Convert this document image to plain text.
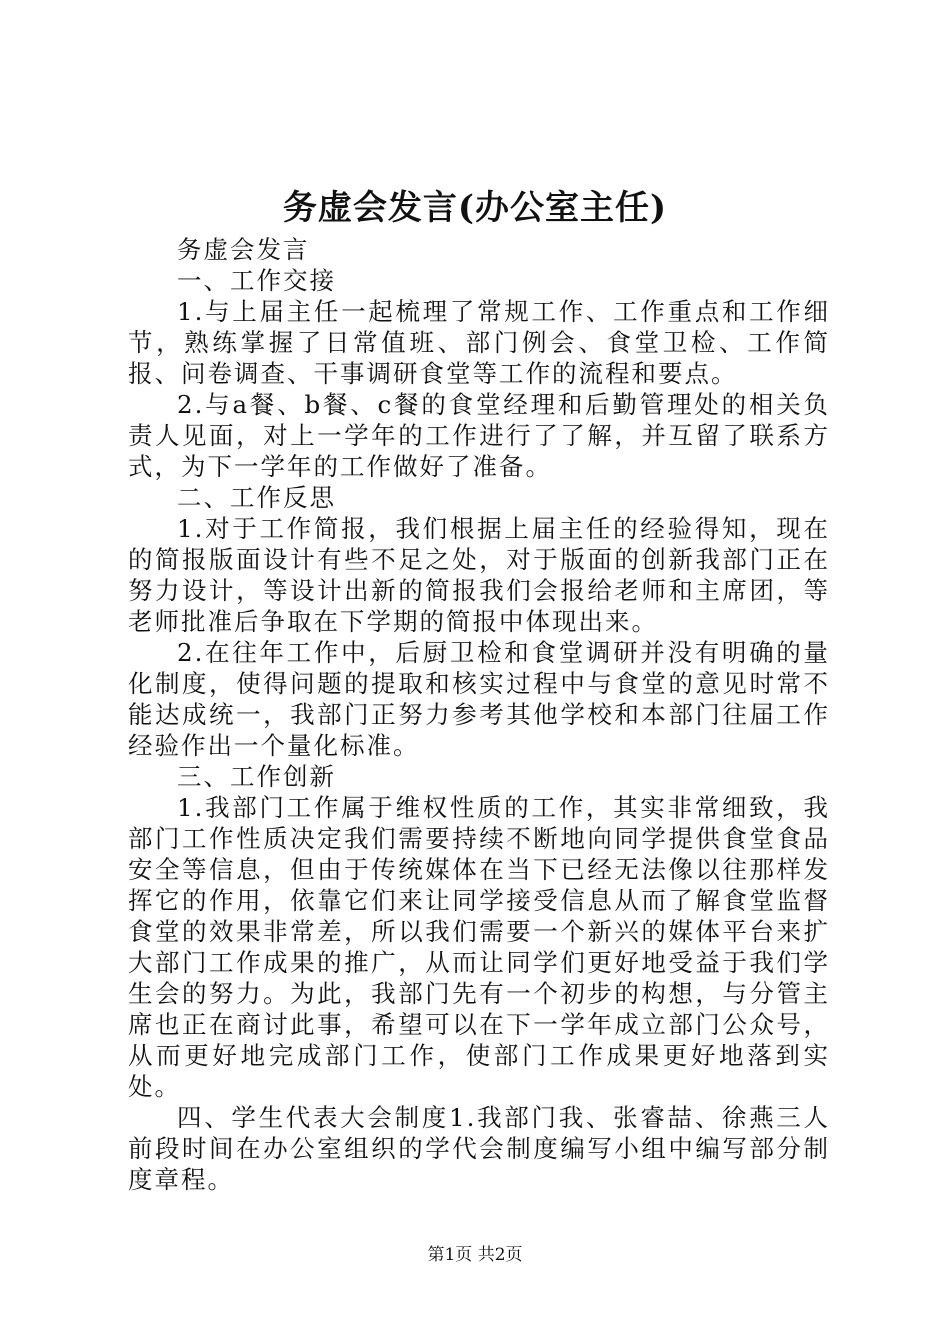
务虚会发言(办公室主任)

务虚会发言

一、工作交接

1.与上届主任一起梳理了常规工作、工作重点和工作细节，熟练掌握了日常值班、部门例会、食堂卫检、工作简报、问卷调查、干事调研食堂等工作的流程和要点。

2.与a餐、b餐、c餐的食堂经理和后勤管理处的相关负责人见面，对上一学年的工作进行了了解，并互留了联系方式，为下一学年的工作做好了准备。

二、工作反思

1.对于工作简报，我们根据上届主任的经验得知，现在的简报版面设计有些不足之处，对于版面的创新我部门正在努力设计，等设计出新的简报我们会报给老师和主席团，等老师批准后争取在下学期的简报中体现出来。

2.在往年工作中，后厨卫检和食堂调研并没有明确的量化制度，使得问题的提取和核实过程中与食堂的意见时常不能达成统一，我部门正努力参考其他学校和本部门往届工作经验作出一个量化标准。

三、工作创新

1.我部门工作属于维权性质的工作，其实非常细致，我部门工作性质决定我们需要持续不断地向同学提供食堂食品安全等信息，但由于传统媒体在当下已经无法像以往那样发挥它的作用，依靠它们来让同学接受信息从而了解食堂监督食堂的效果非常差，所以我们需要一个新兴的媒体平台来扩大部门工作成果的推广，从而让同学们更好地受益于我们学生会的努力。为此，我部门先有一个初步的构想，与分管主席也正在商讨此事，希望可以在下一学年成立部门公众号，从而更好地完成部门工作，使部门工作成果更好地落到实处。

四、学生代表大会制度1.我部门我、张睿喆、徐燕三人前段时间在办公室组织的学代会制度编写小组中编写部分制度章程。

第1页 共2页
